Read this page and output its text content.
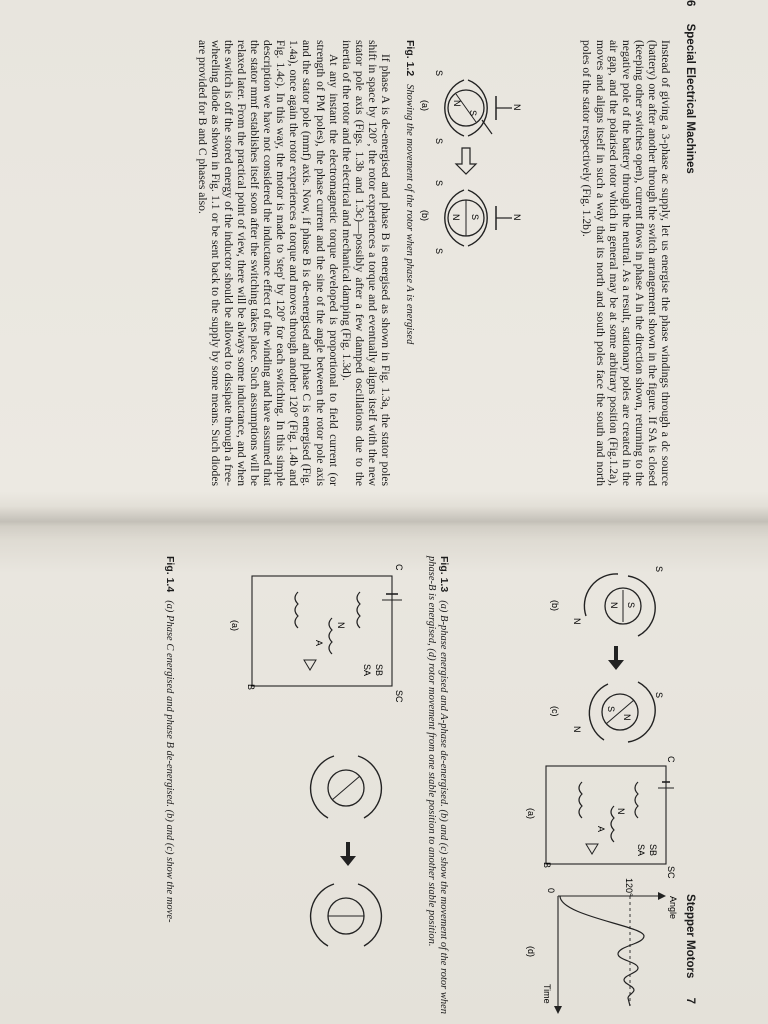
6 Special Electrical Machines

Instead of giving a 3-phase ac supply, let us energise the phase windings through a dc source (battery) one after another through the switch arrangement shown in the figure. If SA is closed (keeping other switches open), current flows in phase A in the direction shown, returning to the negative pole of the battery through the neutral. As a result, stationary poles are created in the air gap, and the polarised rotor which in general may be at some arbitrary position (Fig.1.2a), moves and aligns itself in such a way that its north and south poles face the south and north poles of the stator respectively (Fig. 1.2b).

N
S
N
S
S
(a)
N
S
N
S
S
(b)
Fig. 1.2Showing the movement of the rotor when phase A is energised

If phase A is de-energised and phase B is energised as shown in Fig. 1.3a, the stator poles shift in space by 120°, the rotor experiences a torque and eventually aligns itself with the new stator pole axis (Figs. 1.3b and 1.3c)—possibly after a few damped oscillations due to the inertia of the rotor and the electrical and mechanical damping (Fig. 1.3d).

At any instant the electromagnetic torque developed is proportional to field current (or strength of PM poles), the phase current and the sine of the angle between the rotor pole axis and the stator pole (mmf) axis. Now, if phase B is de-energised and phase C is energised (Fig. 1.4a), once again the rotor experiences a torque and moves through another 120° (Fig. 1.4b and Fig. 1.4c). In this way, the motor is made to 'step' by 120° for each switching. In this simple description we have not considered the inductance effect of the winding and have assumed that the stator mmf establishes itself soon after the switching takes place. Such assumptions will be relaxed later. From the practical point of view, there will be always some inductance, and when the switch is off the stored energy of the inductor should be allowed to dissipate through a free-wheeling diode as shown in Fig. 1.1 or be sent back to the supply by some means. Such diodes are provided for B and C phases also.

Stepper Motors 7
S
N
S
N
(b)
N
S
S
N
(c)
C
SC
SB
SA
A
N
B
(a)
Angle
120°
0
Time
(d)
Fig. 1.3(a) B-phase energised and A-phase de-energised. (b) and (c) show the movement of the rotor when phase-B is energised, (d) rotor movement from one stable position to another stable position.
C
SC
SB
SA
A
N
B
(a)
Fig. 1.4(a) Phase C energised and phase B de-energised. (b) and (c) show the move-
